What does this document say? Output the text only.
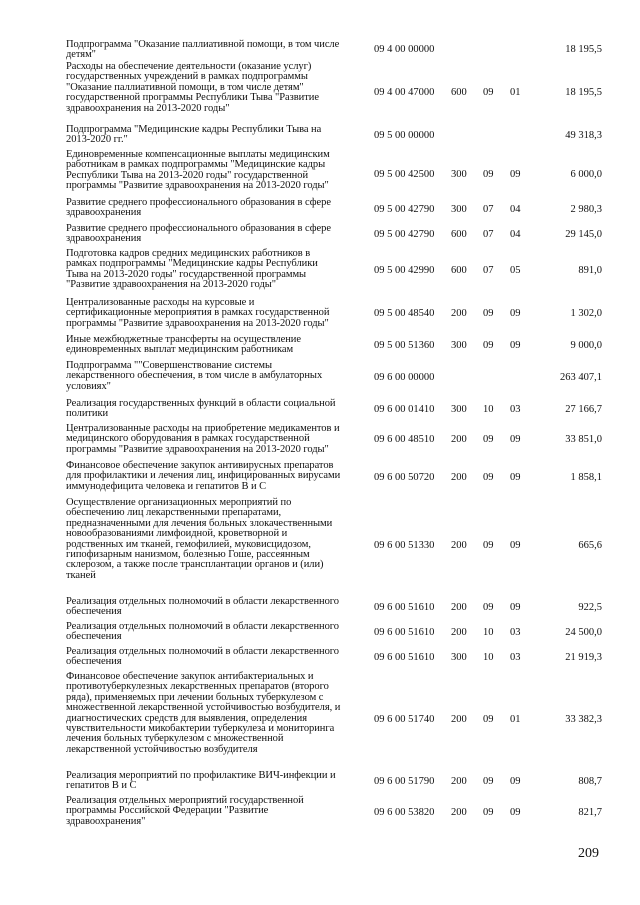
Подпрограмма "Оказание паллиативной помощи, в том числе
детям"	09 4 00 00000	18 195,5
Расходы на обеспечение деятельности (оказание услуг)
государственных учреждений в рамках подпрограммы
"Оказание паллиативной помощи, в том числе детям"
государственной программы Республики Тыва "Развитие
здравоохранения на 2013-2020 годы"
09 4 00 47000 600 09 01	18 195,5
Подпрограмма "Медицинские кадры Республики Тыва на
2013-2020 гг."	09 5 00 00000	49 318,3
Единовременные компенсационные выплаты медицинским
работникам в рамках подпрограммы "Медицинские кадры
Республики Тыва на 2013-2020 годы" государственной
программы "Развитие здравоохранения на 2013-2020 годы"
09 5 00 42500 300 09 09	6 000,0
Развитие среднего профессионального образования в сфере
здравоохранения	09 5 00 42790 300 07 04	2 980,3
Развитие среднего профессионального образования в сфере
здравоохранения	09 5 00 42790 600 07 04	29 145,0
Подготовка кадров средних медицинских работников в
рамках подпрограммы "Медицинские кадры Республики
Тыва на 2013-2020 годы" государственной программы
"Развитие здравоохранения на 2013-2020 годы"
09 5 00 42990 600 07 05	891,0
Централизованные расходы на курсовые и
сертификационные мероприятия в рамках государственной
программы "Развитие здравоохранения на 2013-2020 годы"
09 5 00 48540 200 09 09	1 302,0
Иные межбюджетные трансферты на осуществление
единовременных выплат медицинским работникам	09 5 00 51360 300 09 09	9 000,0
Подпрограмма ""Совершенствование системы
лекарственного обеспечения, в том числе в амбулаторных
условиях"
09 6 00 00000	263 407,1
Реализация государственных функций в области социальной
политики	09 6 00 01410 300 10 03	27 166,7
Централизованные расходы на приобретение медикаментов и
медицинского оборудования в рамках государственной
программы "Развитие здравоохранения на 2013-2020 годы"
09 6 00 48510 200 09 09	33 851,0
Финансовое обеспечение закупок антивирусных препаратов
для профилактики и лечения лиц, инфицированных вирусами
иммунодефицита человека и гепатитов В и С
09 6 00 50720 200 09 09	1 858,1
Осуществление организационных мероприятий по
обеспечению лиц лекарственными препаратами,
предназначенными для лечения больных злокачественными
новообразованиями лимфоидной, кроветворной и
родственных им тканей, гемофилией, муковисцидозом,
гипофизарным нанизмом, болезнью Гоше, рассеянным
склерозом, а также после трансплантации органов и (или)
тканей
09 6 00 51330 200 09 09	665,6
Реализация отдельных полномочий в области лекарственного
обеспечения	09 6 00 51610 200 09 09	922,5
Реализация отдельных полномочий в области лекарственного
обеспечения	09 6 00 51610 200 10 03	24 500,0
Реализация отдельных полномочий в области лекарственного
обеспечения	09 6 00 51610 300 10 03	21 919,3
Финансовое обеспечение закупок антибактериальных и
противотуберкулезных лекарственных препаратов (второго
ряда), применяемых при лечении больных туберкулезом с
множественной лекарственной устойчивостью возбудителя, и
диагностических средств для выявления, определения
чувствительности микобактерии туберкулеза и мониторинга
лечения больных туберкулезом с множественной
лекарственной устойчивостью возбудителя
09 6 00 51740 200 09 01	33 382,3
Реализация мероприятий по профилактике ВИЧ-инфекции и
гепатитов В и С	09 6 00 51790 200 09 09	808,7
Реализация отдельных мероприятий государственной
программы Российской Федерации "Развитие
здравоохранения"
09 6 00 53820 200 09 09	821,7
209
